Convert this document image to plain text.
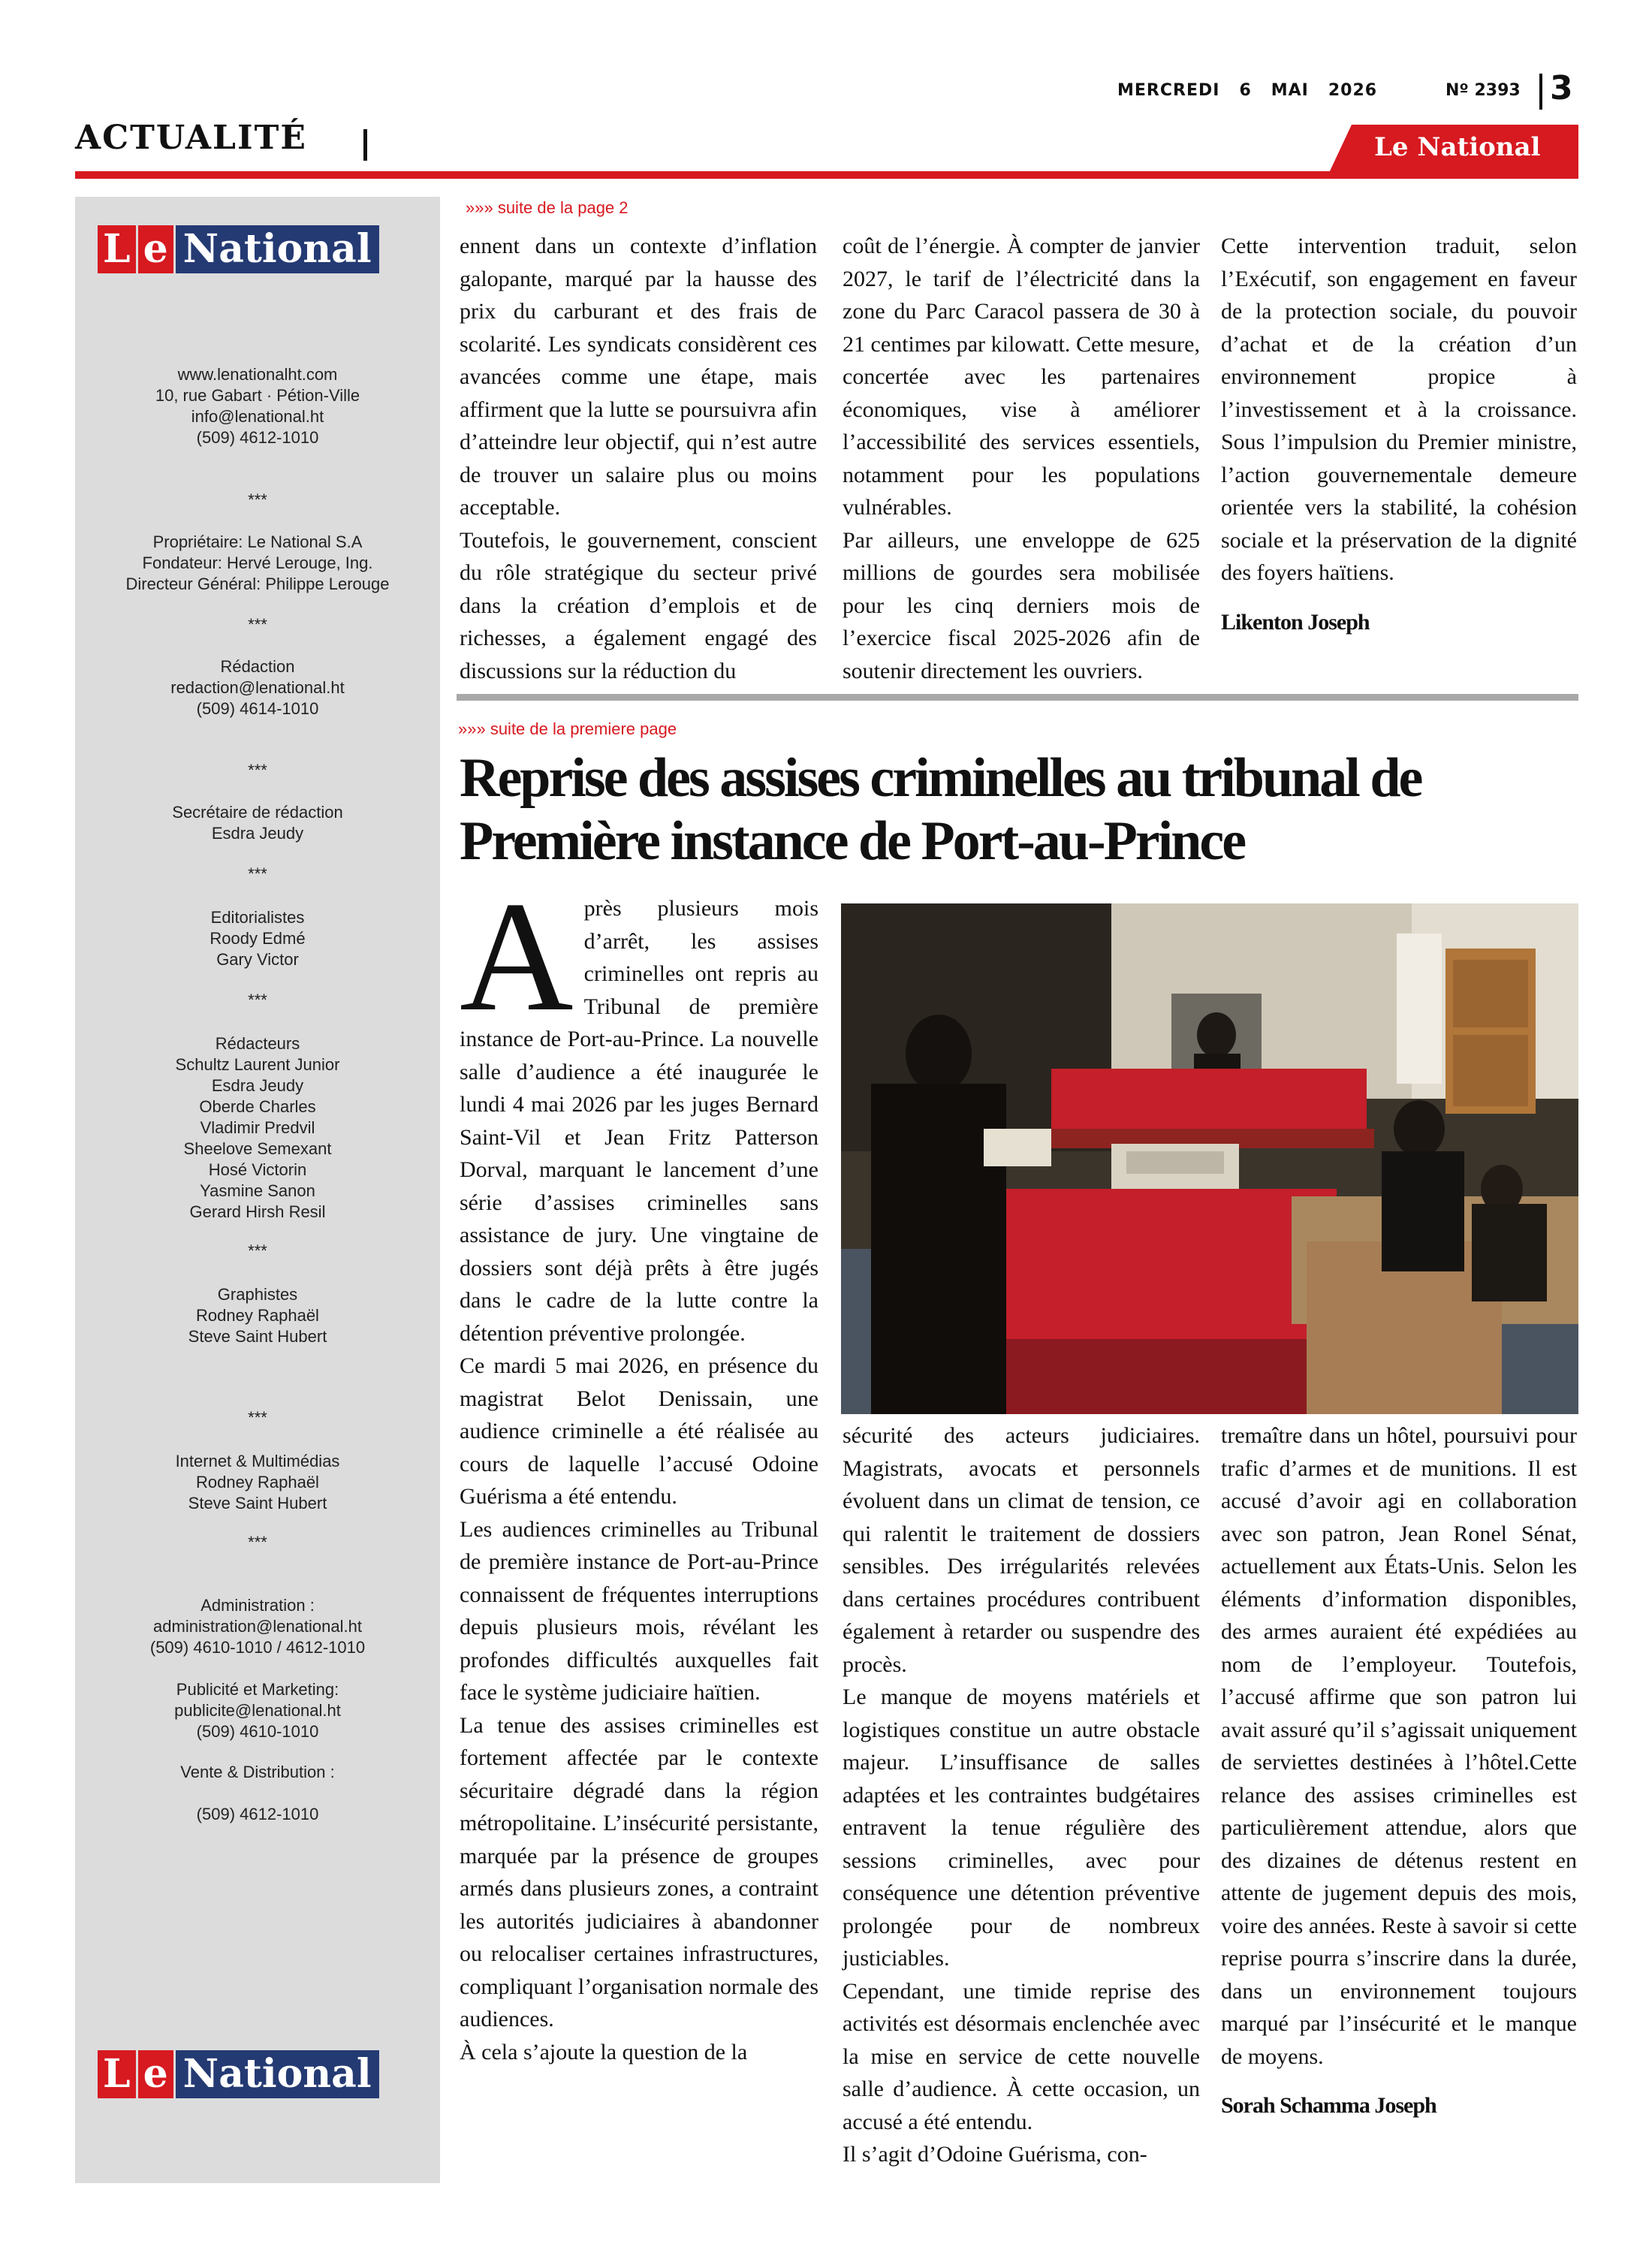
MERCREDI 6 MAI 2026	Nº 2393 3
ACTUALITÉ	Le National
L e National
www.lenationalht.com
10, rue Gabart · Pétion-Ville
info@lenational.ht
(509) 4612-1010
***
Propriétaire: Le National S.A
Fondateur: Hervé Lerouge, Ing.
Directeur Général: Philippe Lerouge
***
Rédaction
redaction@lenational.ht
(509) 4614-1010
***
Secrétaire de rédaction
Esdra Jeudy
***
Editorialistes
Roody Edmé
Gary Victor
***
Rédacteurs
Schultz Laurent Junior
Esdra Jeudy
Oberde Charles
Vladimir Predvil
Sheelove Semexant
Hosé Victorin
Yasmine Sanon
Gerard Hirsh Resil
***
Graphistes
Rodney Raphaël
Steve Saint Hubert
***
Internet & Multimédias
Rodney Raphaël
Steve Saint Hubert
***
Administration :
administration@lenational.ht
(509) 4610-1010 / 4612-1010
Publicité et Marketing:
publicite@lenational.ht
(509) 4610-1010
Vente & Distribution :
(509) 4612-1010
L e National
»»» suite de la page 2

ennent dans un contexte d’inflation galopante, marqué par la hausse des prix du carburant et des frais de scolarité. Les syndicats considèrent ces avancées comme une étape, mais affirment que la lutte se poursuivra afin d’atteindre leur objectif, qui n’est autre de trouver un salaire plus ou moins acceptable.

Toutefois, le gouvernement, conscient du rôle stratégique du secteur privé dans la création d’emplois et de richesses, a également engagé des discussions sur la réduction du

coût de l’énergie. À compter de janvier 2027, le tarif de l’électricité dans la zone du Parc Caracol passera de 30 à 21 centimes par kilowatt. Cette mesure, concertée avec les partenaires économiques, vise à améliorer l’accessibilité des services essentiels, notamment pour les populations vulnérables.

Par ailleurs, une enveloppe de 625 millions de gourdes sera mobilisée pour les cinq derniers mois de l’exercice fiscal 2025-2026 afin de soutenir directement les ouvriers.

Cette intervention traduit, selon l’Exécutif, son engagement en faveur de la protection sociale, du pouvoir d’achat et de la création d’un environnement propice à l’investissement et à la croissance. Sous l’impulsion du Premier ministre, l’action gouvernementale demeure orientée vers la stabilité, la cohésion sociale et la préservation de la dignité des foyers haïtiens.

Likenton Joseph

»»» suite de la premiere page
Reprise des assises criminelles au tribunal de Première instance de Port-au-Prince
A près plusieurs mois d’arrêt, les assises criminelles ont repris au Tribunal de première instance de Port-au-Prince. La nouvelle salle d’audience a été inaugurée le lundi 4 mai 2026 par les juges Bernard Saint-Vil et Jean Fritz Patterson Dorval, marquant le lancement d’une série d’assises criminelles sans assistance de jury. Une vingtaine de dossiers sont déjà prêts à être jugés dans le cadre de la lutte contre la détention préventive prolongée.

Ce mardi 5 mai 2026, en présence du magistrat Belot Denissain, une audience criminelle a été réalisée au cours de laquelle l’accusé Odoine Guérisma a été entendu.

Les audiences criminelles au Tribunal de première instance de Port-au-Prince connaissent de fréquentes interruptions depuis plusieurs mois, révélant les profondes difficultés auxquelles fait face le système judiciaire haïtien.

La tenue des assises criminelles est fortement affectée par le contexte sécuritaire dégradé dans la région métropolitaine. L’insécurité persistante, marquée par la présence de groupes armés dans plusieurs zones, a contraint les autorités judiciaires à abandonner ou relocaliser certaines infrastructures, compliquant l’organisation normale des audiences.

À cela s’ajoute la question de la

sécurité des acteurs judiciaires. Magistrats, avocats et personnels évoluent dans un climat de tension, ce qui ralentit le traitement de dossiers sensibles. Des irrégularités relevées dans certaines procédures contribuent également à retarder ou suspendre des procès.

Le manque de moyens matériels et logistiques constitue un autre obstacle majeur. L’insuffisance de salles adaptées et les contraintes budgétaires entravent la tenue régulière des sessions criminelles, avec pour conséquence une détention préventive prolongée pour de nombreux justiciables.

Cependant, une timide reprise des activités est désormais enclenchée avec la mise en service de cette nouvelle salle d’audience. À cette occasion, un accusé a été entendu.

Il s’agit d’Odoine Guérisma, con-

tremaître dans un hôtel, poursuivi pour trafic d’armes et de munitions. Il est accusé d’avoir agi en collaboration avec son patron, Jean Ronel Sénat, actuellement aux États-Unis. Selon les éléments d’information disponibles, des armes auraient été expédiées au nom de l’employeur. Toutefois, l’accusé affirme que son patron lui avait assuré qu’il s’agissait uniquement de serviettes destinées à l’hôtel.Cette relance des assises criminelles est particulièrement attendue, alors que des dizaines de détenus restent en attente de jugement depuis des mois, voire des années. Reste à savoir si cette reprise pourra s’inscrire dans la durée, dans un environnement toujours marqué par l’insécurité et le manque de moyens.

Sorah Schamma Joseph
